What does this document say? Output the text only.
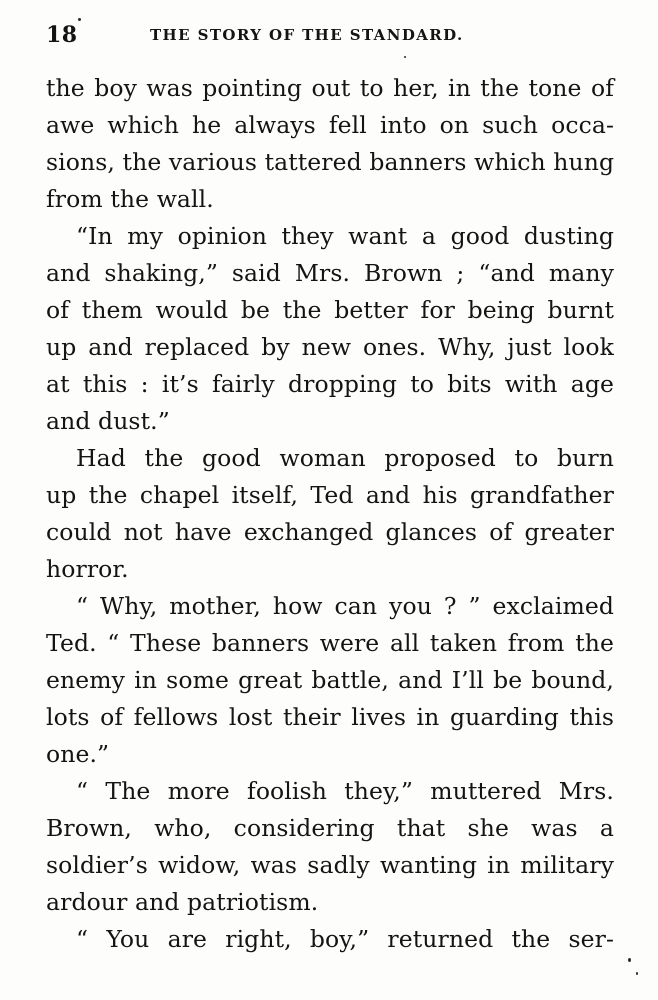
18	THE STORY OF THE STANDARD.
the boy was pointing out to her, in the tone of
awe which he always fell into on such occa-
sions, the various tattered banners which hung
from the wall.
“In my opinion they want a good dusting
and shaking,” said Mrs. Brown ; “and many
of them would be the better for being burnt
up and replaced by new ones. Why, just look
at this : it’s fairly dropping to bits with age
and dust.”
Had the good woman proposed to burn
up the chapel itself, Ted and his grandfather
could not have exchanged glances of greater
horror.
“ Why, mother, how can you ? ” exclaimed
Ted. “ These banners were all taken from the
enemy in some great battle, and I’ll be bound,
lots of fellows lost their lives in guarding this
one.”
“ The more foolish they,” muttered Mrs.
Brown, who, considering that she was a
soldier’s widow, was sadly wanting in military
ardour and patriotism.
“ You are right, boy,” returned the ser-
